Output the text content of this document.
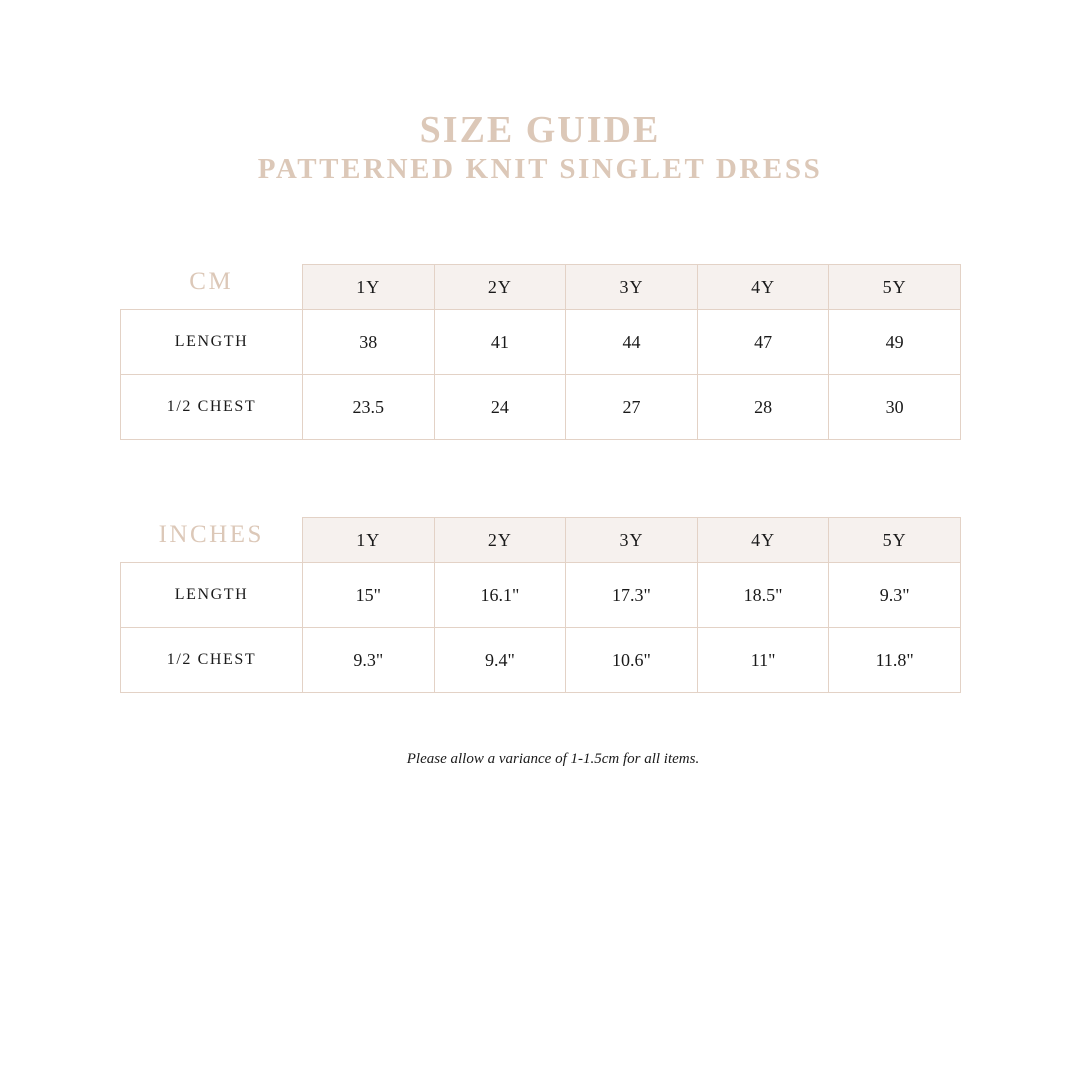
SIZE GUIDE
PATTERNED KNIT SINGLET DRESS
CM	1Y	2Y	3Y	4Y	5Y
LENGTH	38	41	44	47	49
1/2 CHEST	23.5	24	27	28	30
INCHES	1Y	2Y	3Y	4Y	5Y
LENGTH	15"	16.1"	17.3"	18.5"	9.3"
1/2 CHEST	9.3"	9.4"	10.6"	11"	11.8"

Please allow a variance of 1-1.5cm for all items.
